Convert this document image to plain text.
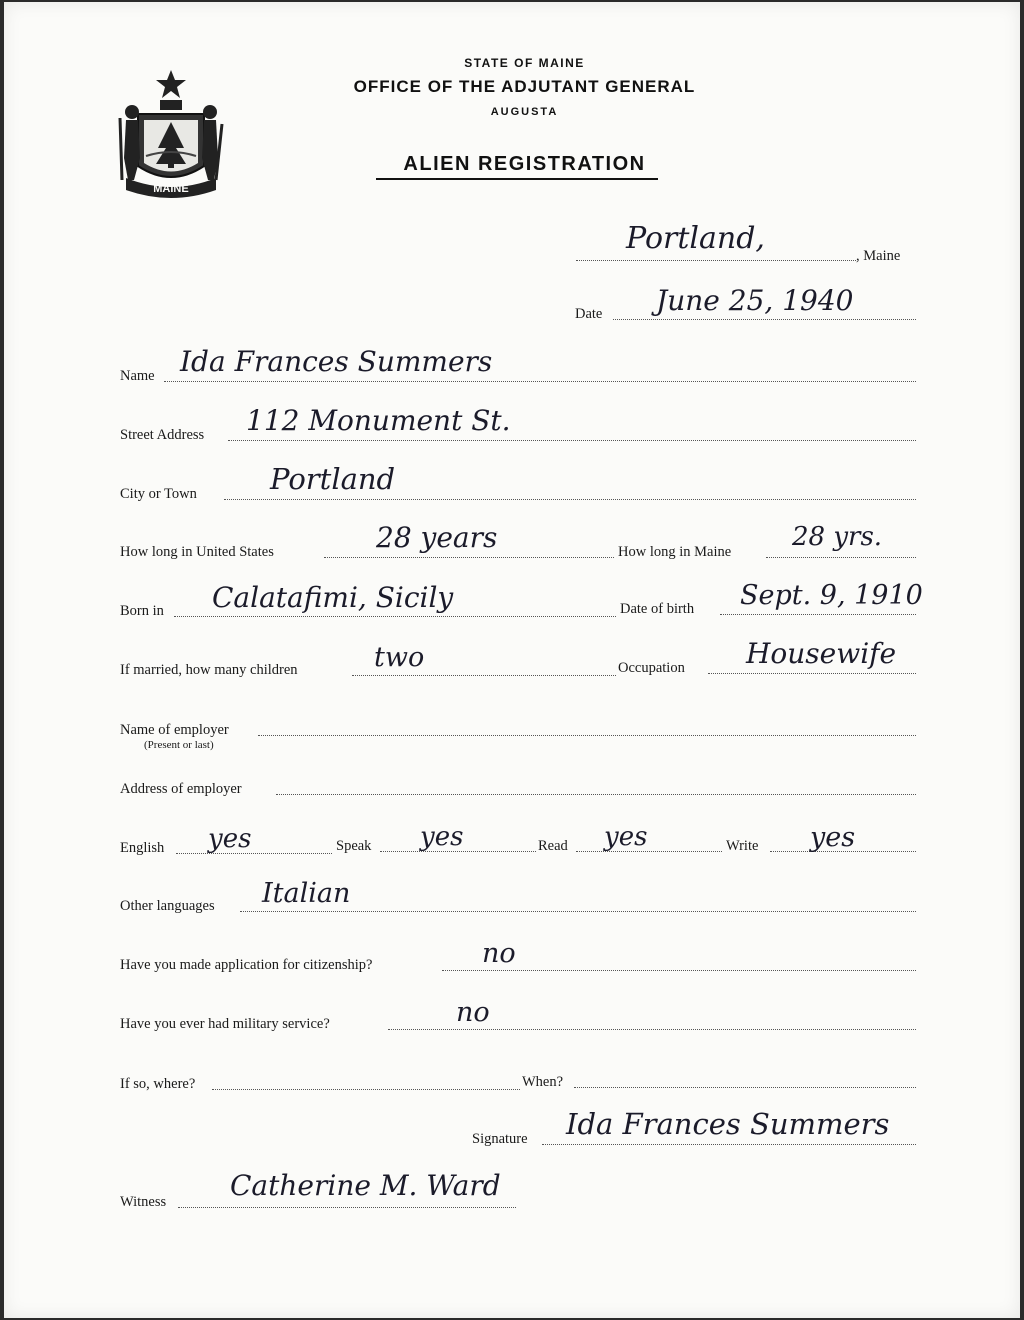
MAINE
STATE OF MAINE
OFFICE OF THE ADJUTANT GENERAL
AUGUSTA
ALIEN REGISTRATION
Portland,	, Maine
Date June 25, 1940
Name Ida Frances Summers
Street Address 112 Monument St.
City or Town	Portland
How long in United States	28 years	How long in Maine 28 yrs.
Born in Calatafimi, Sicily	Date of birth Sept. 9, 1910
If married, how many children	two	Occupation Housewife
Name of employer
(Present or last)
Address of employer
English yes	Speak yes	Read yes	Write yes
Other languages Italian
Have you made application for citizenship?	no
Have you ever had military service?	no
If so, where?	When?
Signature Ida Frances Summers
Witness Catherine M. Ward
